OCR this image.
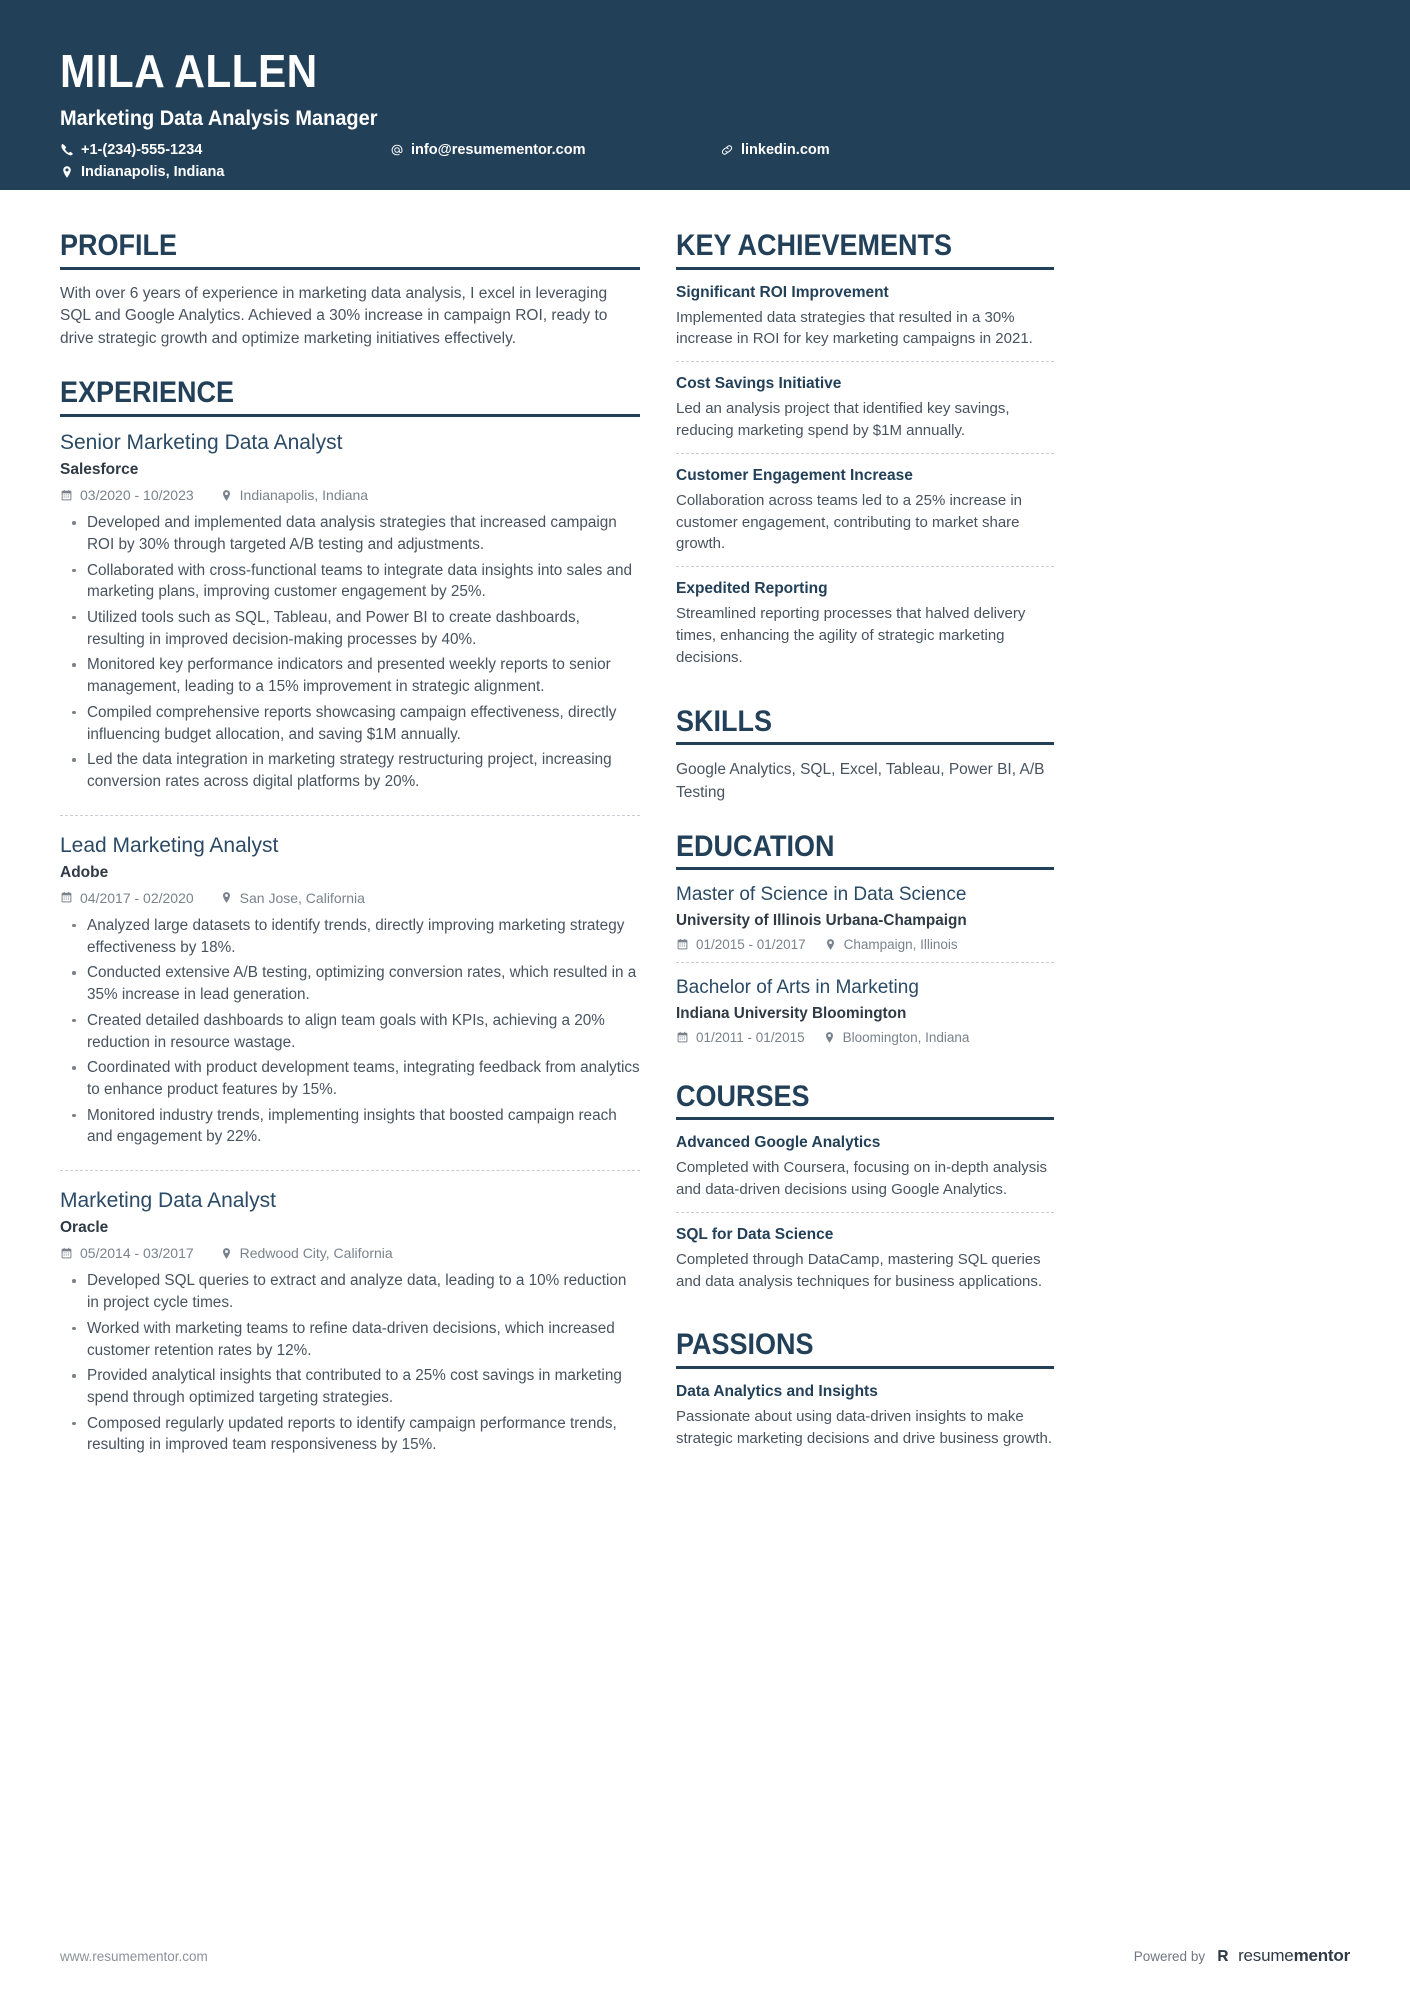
MILA ALLEN
Marketing Data Analysis Manager
+1-(234)-555-1234	info@resumementor.com	linkedin.com
Indianapolis, Indiana
PROFILE
With over 6 years of experience in marketing data analysis, I excel in leveraging SQL and Google Analytics. Achieved a 30% increase in campaign ROI, ready to drive strategic growth and optimize marketing initiatives effectively.
EXPERIENCE
Senior Marketing Data Analyst
Salesforce
03/2020 - 10/2023	Indianapolis, Indiana
Developed and implemented data analysis strategies that increased campaign ROI by 30% through targeted A/B testing and adjustments.
Collaborated with cross-functional teams to integrate data insights into sales and marketing plans, improving customer engagement by 25%.
Utilized tools such as SQL, Tableau, and Power BI to create dashboards, resulting in improved decision-making processes by 40%.
Monitored key performance indicators and presented weekly reports to senior management, leading to a 15% improvement in strategic alignment.
Compiled comprehensive reports showcasing campaign effectiveness, directly influencing budget allocation, and saving $1M annually.
Led the data integration in marketing strategy restructuring project, increasing conversion rates across digital platforms by 20%.
Lead Marketing Analyst
Adobe
04/2017 - 02/2020	San Jose, California
Analyzed large datasets to identify trends, directly improving marketing strategy effectiveness by 18%.
Conducted extensive A/B testing, optimizing conversion rates, which resulted in a 35% increase in lead generation.
Created detailed dashboards to align team goals with KPIs, achieving a 20% reduction in resource wastage.
Coordinated with product development teams, integrating feedback from analytics to enhance product features by 15%.
Monitored industry trends, implementing insights that boosted campaign reach and engagement by 22%.
Marketing Data Analyst
Oracle
05/2014 - 03/2017	Redwood City, California
Developed SQL queries to extract and analyze data, leading to a 10% reduction in project cycle times.
Worked with marketing teams to refine data-driven decisions, which increased customer retention rates by 12%.
Provided analytical insights that contributed to a 25% cost savings in marketing spend through optimized targeting strategies.
Composed regularly updated reports to identify campaign performance trends, resulting in improved team responsiveness by 15%.
KEY ACHIEVEMENTS
Significant ROI Improvement
Implemented data strategies that resulted in a 30% increase in ROI for key marketing campaigns in 2021.
Cost Savings Initiative
Led an analysis project that identified key savings, reducing marketing spend by $1M annually.
Customer Engagement Increase
Collaboration across teams led to a 25% increase in customer engagement, contributing to market share growth.
Expedited Reporting
Streamlined reporting processes that halved delivery times, enhancing the agility of strategic marketing decisions.
SKILLS
Google Analytics, SQL, Excel, Tableau, Power BI, A/B Testing
EDUCATION
Master of Science in Data Science
University of Illinois Urbana-Champaign
01/2015 - 01/2017	Champaign, Illinois
Bachelor of Arts in Marketing
Indiana University Bloomington
01/2011 - 01/2015	Bloomington, Indiana
COURSES
Advanced Google Analytics
Completed with Coursera, focusing on in-depth analysis and data-driven decisions using Google Analytics.
SQL for Data Science
Completed through DataCamp, mastering SQL queries and data analysis techniques for business applications.
PASSIONS
Data Analytics and Insights
Passionate about using data-driven insights to make strategic marketing decisions and drive business growth.
www.resumementor.com	Powered by resumementor
